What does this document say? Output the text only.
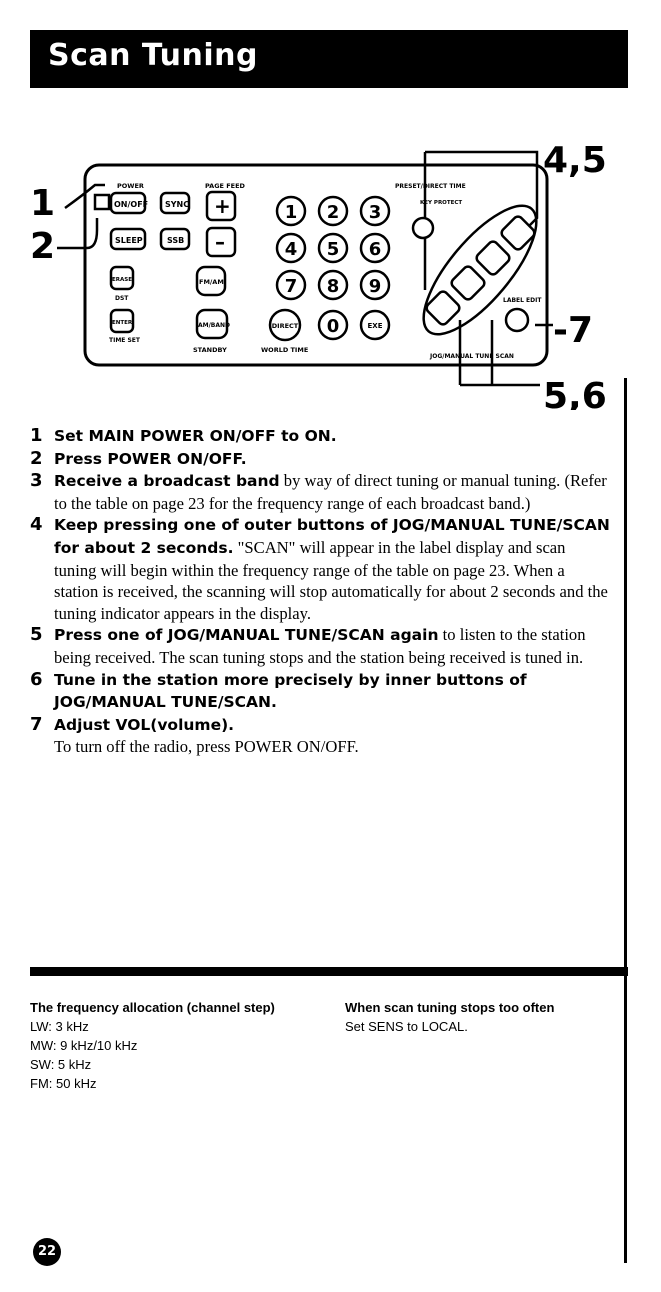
Scan Tuning
1
2
4,5
-7
5,6
POWER	PAGE FEED	PRESET/DIRECT TIME
KEY PROTECT
ON/OFF SYNC +
SLEEP	SSB –
ERASE
DST
ENTER
TIME SET
FM/AM
AM/BAND
STANDBY
1 2 3
4 5 6
7 8 9
0
DIRECT	EXE
WORLD TIME
LABEL EDIT
JOG/MANUAL TUNE SCAN
1 Set MAIN POWER ON/OFF to ON.
2 Press POWER ON/OFF.
3 Receive a broadcast band by way of direct tuning or manual tuning. (Refer to the table on page 23 for the frequency range of each broadcast band.)
4 Keep pressing one of outer buttons of JOG/MANUAL TUNE/SCAN for about 2 seconds. "SCAN" will appear in the label display and scan tuning will begin within the frequency range of the table on page 23. When a station is received, the scanning will stop automatically for about 2 seconds and the tuning indicator appears in the display.
5 Press one of JOG/MANUAL TUNE/SCAN again to listen to the station being received. The scan tuning stops and the station being received is tuned in.
6 Tune in the station more precisely by inner buttons of JOG/MANUAL TUNE/SCAN.
7 Adjust VOL(volume).
To turn off the radio, press POWER ON/OFF.
The frequency allocation (channel step)
LW: 3 kHz
MW: 9 kHz/10 kHz
SW: 5 kHz
FM: 50 kHz
When scan tuning stops too often
Set SENS to LOCAL.
22
